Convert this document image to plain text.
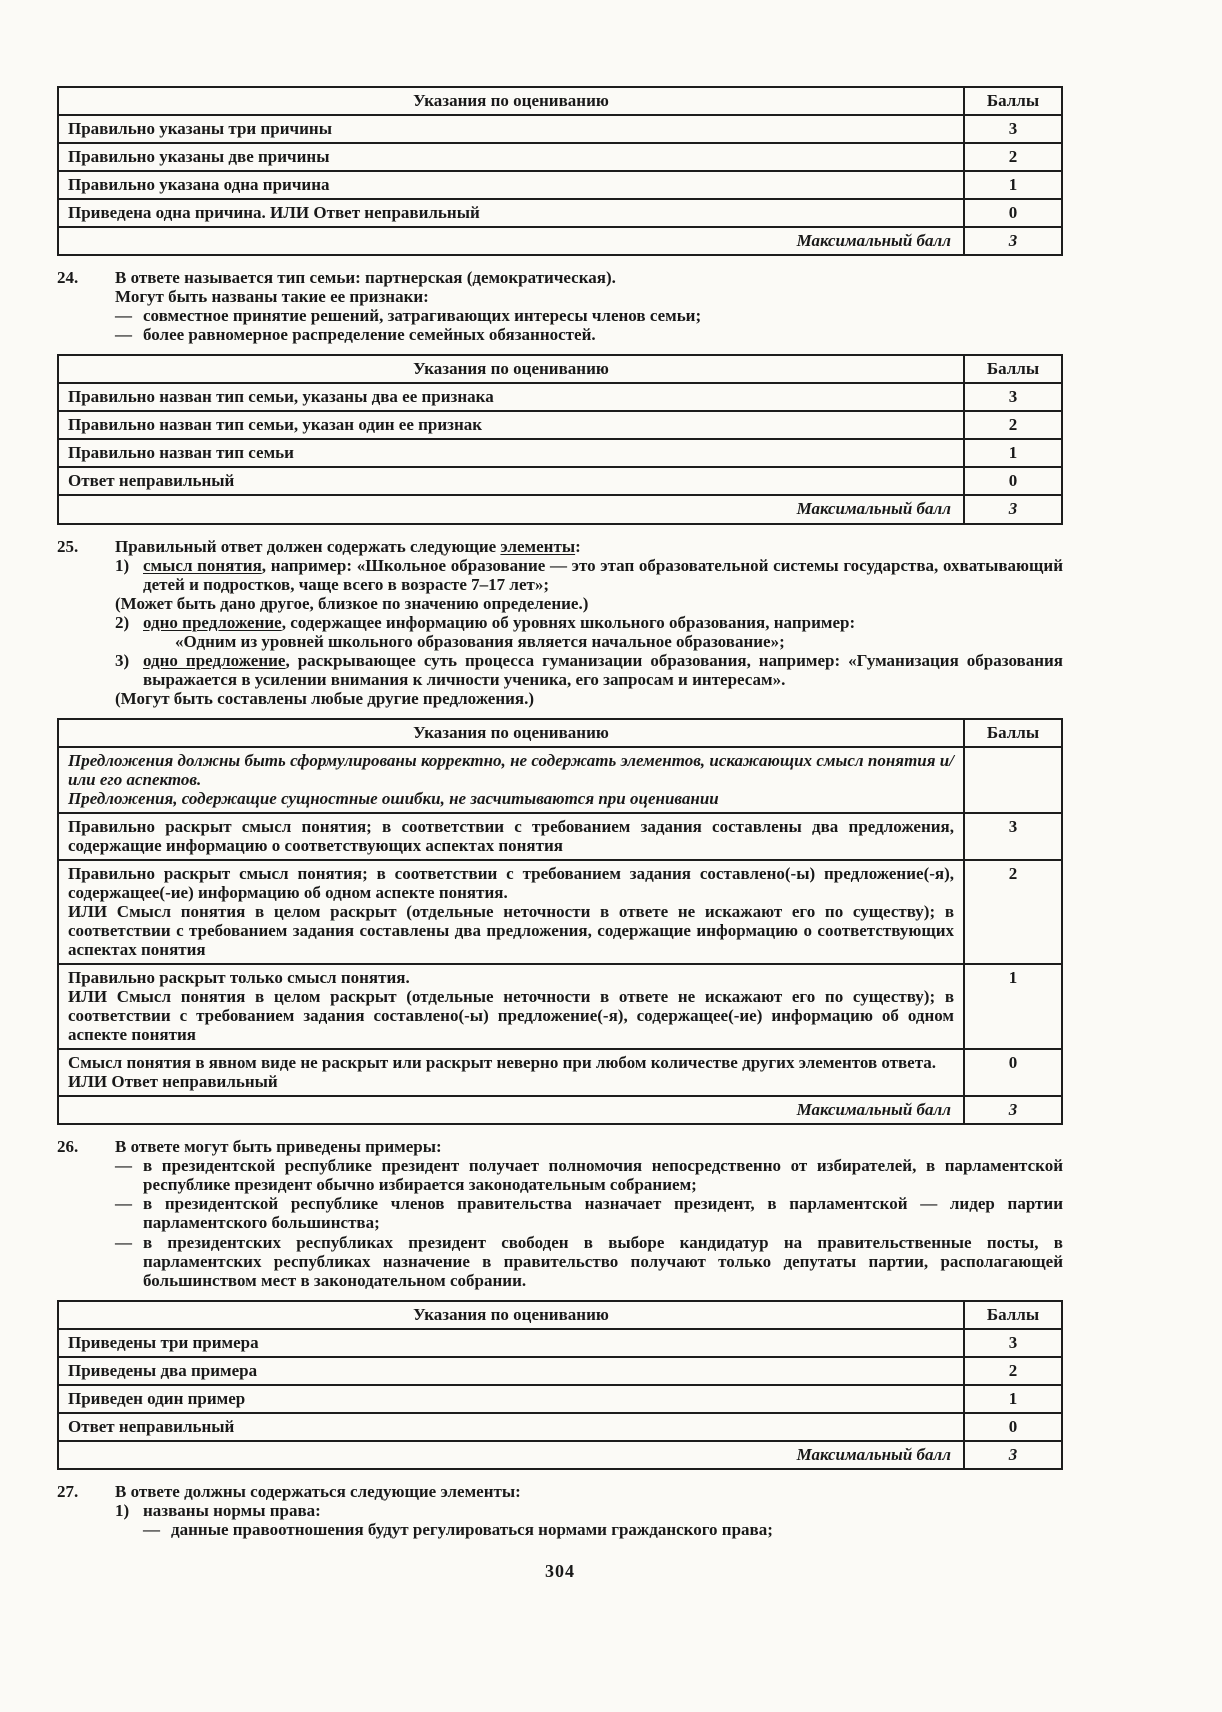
Указания по оцениванию	Баллы
Правильно указаны три причины	3
Правильно указаны две причины	2
Правильно указана одна причина	1
Приведена одна причина. ИЛИ Ответ неправильный	0
Максимальный балл	3
24.	В ответе называется тип семьи: партнерская (демократическая).
Могут быть названы такие ее признаки:
— совместное принятие решений, затрагивающих интересы членов семьи;
— более равномерное распределение семейных обязанностей.
Указания по оцениванию	Баллы
Правильно назван тип семьи, указаны два ее признака	3
Правильно назван тип семьи, указан один ее признак	2
Правильно назван тип семьи	1
Ответ неправильный	0
Максимальный балл	3
25.	Правильный ответ должен содержать следующие элементы:
1) смысл понятия, например: «Школьное образование — это этап образовательной системы государства, охватывающий детей и подростков, чаще всего в возрасте 7–17 лет»;
(Может быть дано другое, близкое по значению определение.)
2) одно предложение, содержащее информацию об уровнях школьного образования, например:
«Одним из уровней школьного образования является начальное образование»;
3) одно предложение, раскрывающее суть процесса гуманизации образования, например: «Гуманизация образования выражается в усилении внимания к личности ученика, его запросам и интересам».
(Могут быть составлены любые другие предложения.)
Указания по оцениванию	Баллы

Предложения должны быть сформулированы корректно, не содержать элементов, искажающих смысл понятия и/или его аспектов.
Предложения, содержащие сущностные ошибки, не засчитываются при оценивании	

Правильно раскрыт смысл понятия; в соответствии с требованием задания составлены два предложения, содержащие информацию о соответствующих аспектах понятия	3

Правильно раскрыт смысл понятия; в соответствии с требованием задания составлено(-ы) предложение(-я), содержащее(-ие) информацию об одном аспекте понятия.
ИЛИ Смысл понятия в целом раскрыт (отдельные неточности в ответе не искажают его по существу); в соответствии с требованием задания составлены два предложения, содержащие информацию о соответствующих аспектах понятия	2

Правильно раскрыт только смысл понятия.
ИЛИ Смысл понятия в целом раскрыт (отдельные неточности в ответе не искажают его по существу); в соответствии с требованием задания составлено(-ы) предложение(-я), содержащее(-ие) информацию об одном аспекте понятия	1

Смысл понятия в явном виде не раскрыт или раскрыт неверно при любом количестве других элементов ответа.
ИЛИ Ответ неправильный	0
Максимальный балл	3
26.	В ответе могут быть приведены примеры:
— в президентской республике президент получает полномочия непосредственно от избирателей, в парламентской республике президент обычно избирается законодательным собранием;
— в президентской республике членов правительства назначает президент, в парламентской — лидер партии парламентского большинства;
— в президентских республиках президент свободен в выборе кандидатур на правительственные посты, в парламентских республиках назначение в правительство получают только депутаты партии, располагающей большинством мест в законодательном собрании.
Указания по оцениванию	Баллы
Приведены три примера	3
Приведены два примера	2
Приведен один пример	1
Ответ неправильный	0
Максимальный балл	3
27.	В ответе должны содержаться следующие элементы:
1) названы нормы права:
— данные правоотношения будут регулироваться нормами гражданского права;
304
